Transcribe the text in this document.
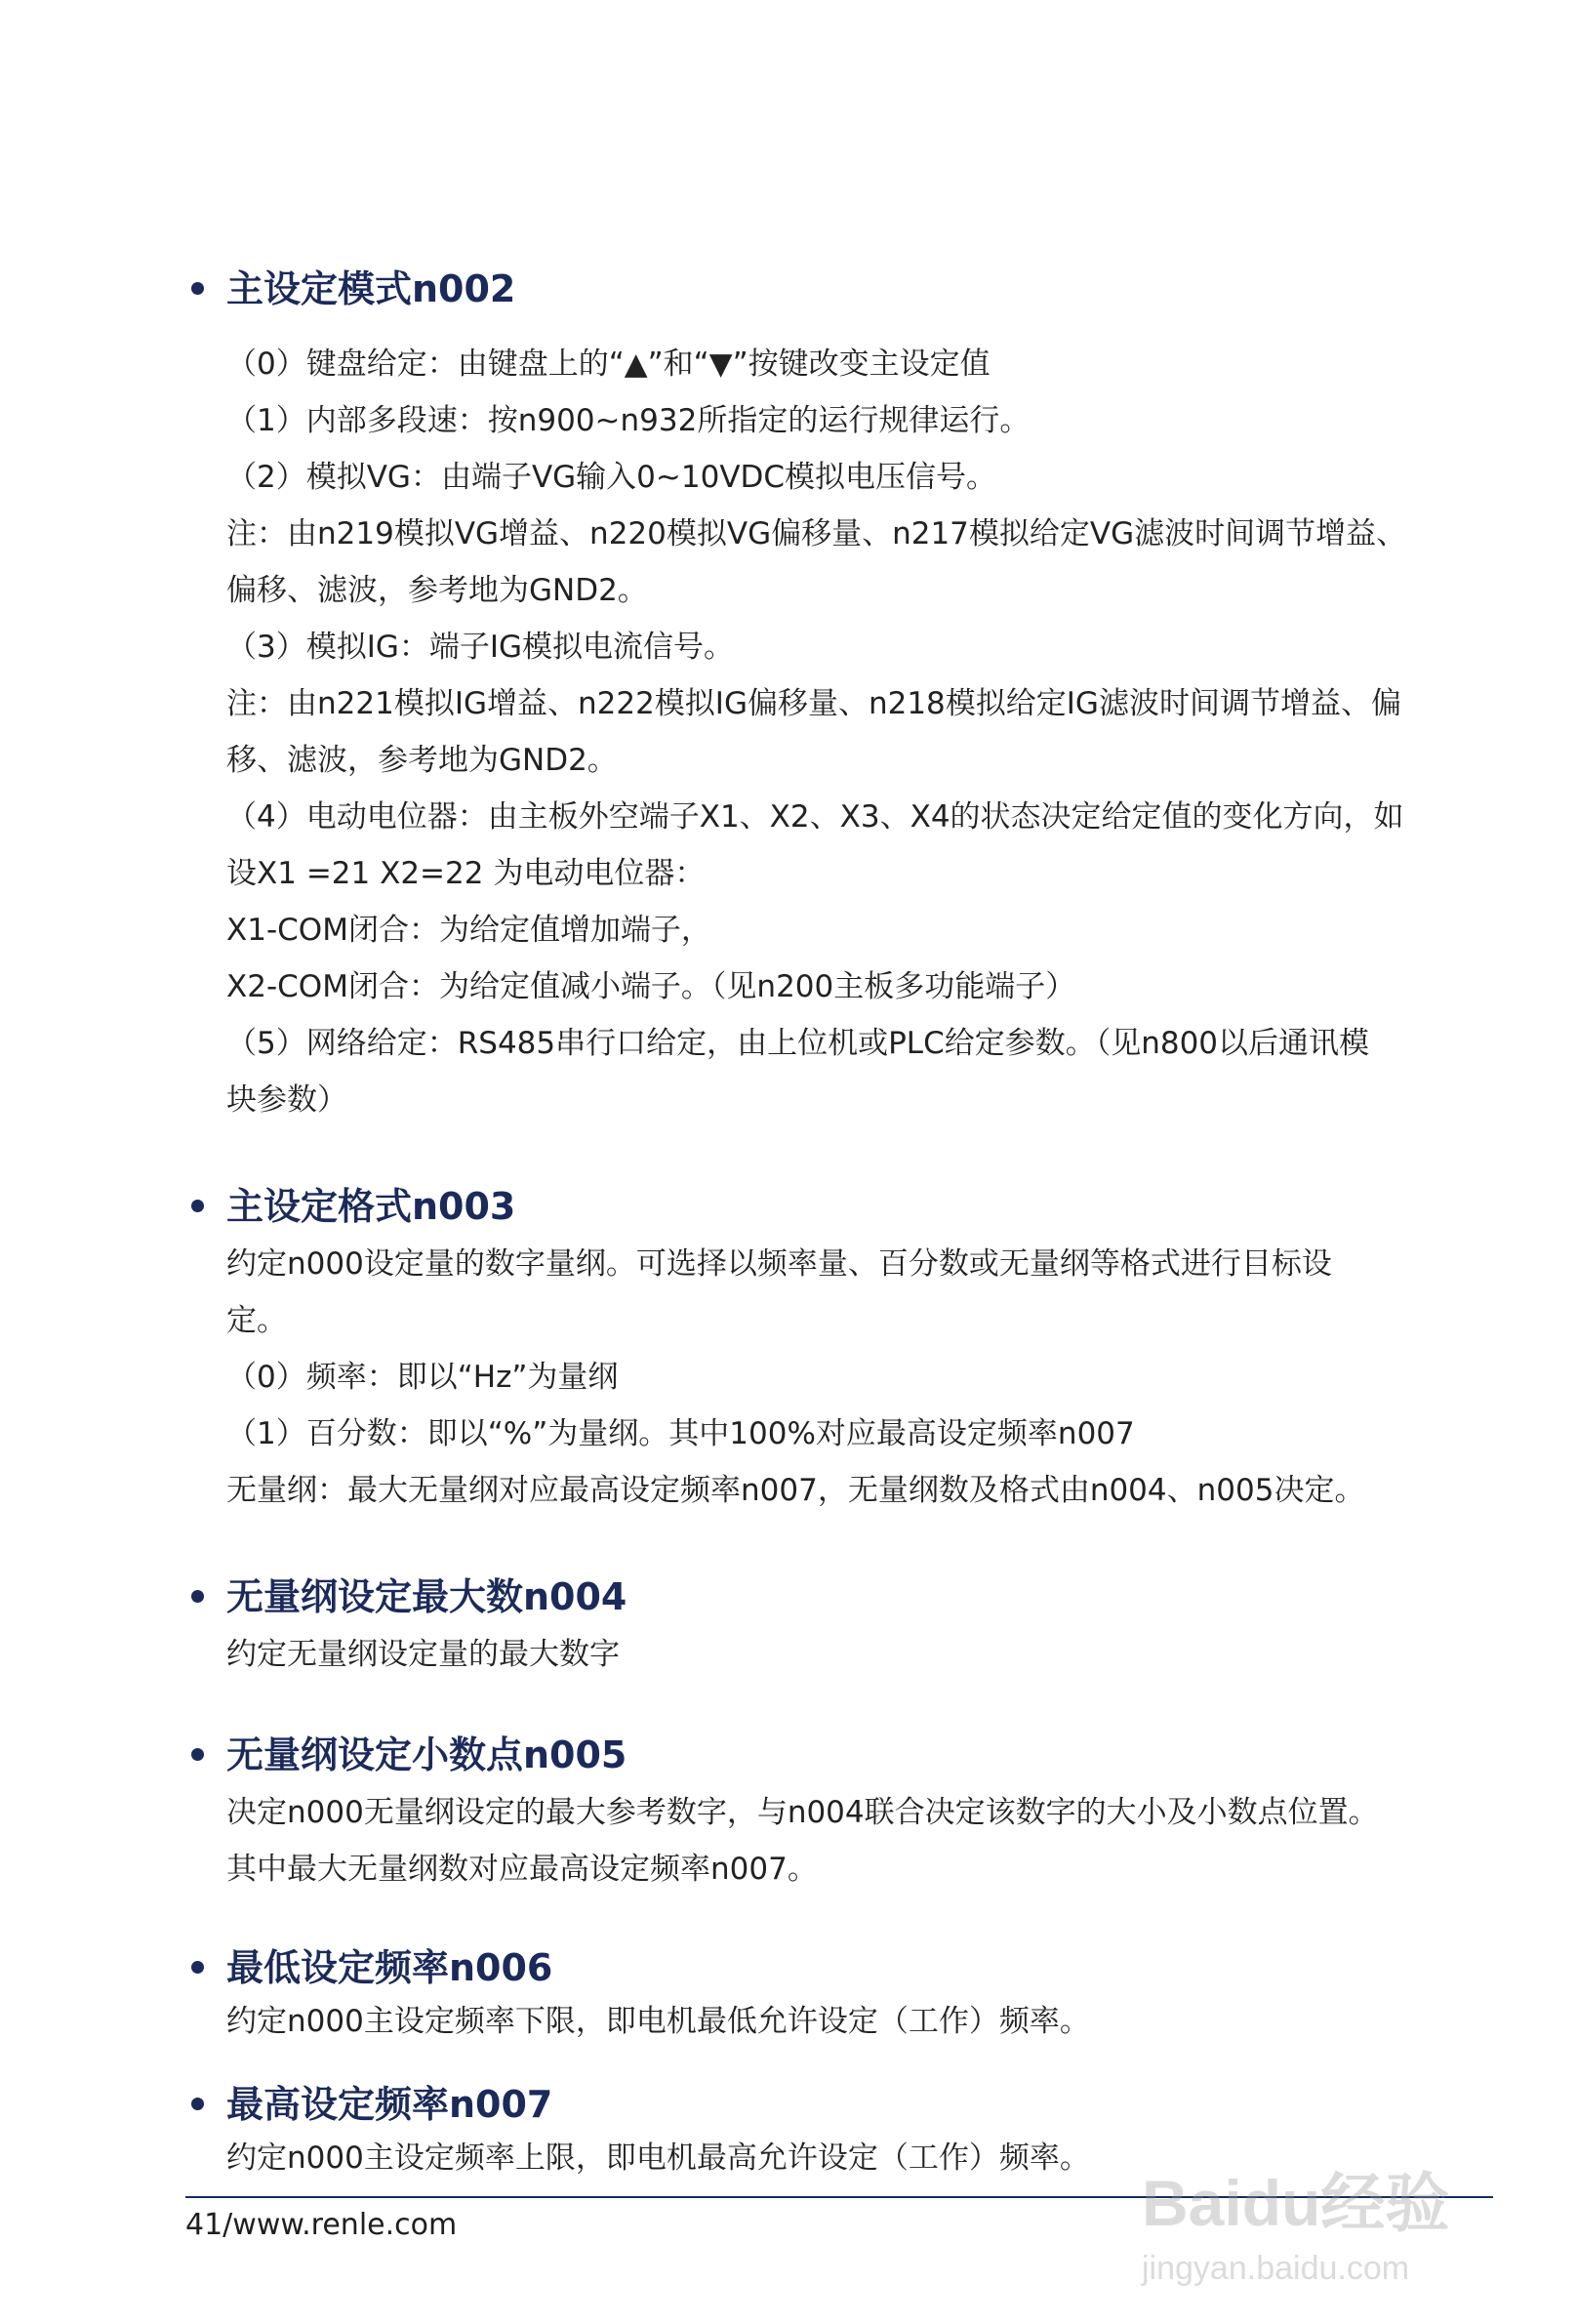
主设定模式n002

（0）键盘给定：由键盘上的“▲”和“▼”按键改变主设定值

（1）内部多段速：按n900~n932所指定的运行规律运行。

（2）模拟VG：由端子VG输入0~10VDC模拟电压信号。

注：由n219模拟VG增益、n220模拟VG偏移量、n217模拟给定VG滤波时间调节增益、

偏移、滤波，参考地为GND2。

（3）模拟IG：端子IG模拟电流信号。

注：由n221模拟IG增益、n222模拟IG偏移量、n218模拟给定IG滤波时间调节增益、偏

移、滤波，参考地为GND2。

（4）电动电位器：由主板外空端子X1、X2、X3、X4的状态决定给定值的变化方向，如

设X1 =21 X2=22 为电动电位器：

X1-COM闭合：为给定值增加端子，

X2-COM闭合：为给定值减小端子。（见n200主板多功能端子）

（5）网络给定：RS485串行口给定，由上位机或PLC给定参数。（见n800以后通讯模

块参数）

主设定格式n003

约定n000设定量的数字量纲。可选择以频率量、百分数或无量纲等格式进行目标设

定。

（0）频率：即以“Hz”为量纲

（1）百分数：即以“%”为量纲。其中100%对应最高设定频率n007

无量纲：最大无量纲对应最高设定频率n007，无量纲数及格式由n004、n005决定。

无量纲设定最大数n004

约定无量纲设定量的最大数字

无量纲设定小数点n005

决定n000无量纲设定的最大参考数字，与n004联合决定该数字的大小及小数点位置。

其中最大无量纲数对应最高设定频率n007。

最低设定频率n006

约定n000主设定频率下限，即电机最低允许设定（工作）频率。

最高设定频率n007

约定n000主设定频率上限，即电机最高允许设定（工作）频率。

41/www.renle.com	Baidu经验
jingyan.baidu.com
